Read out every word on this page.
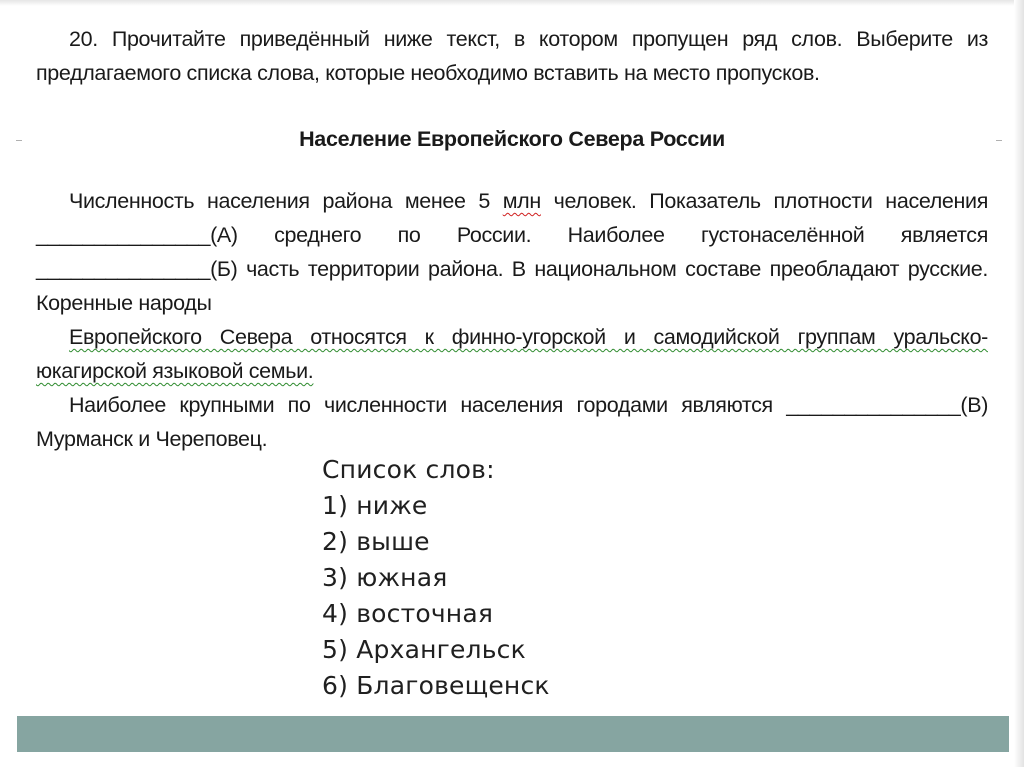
20. Прочитайте приведённый ниже текст, в котором пропущен ряд слов. Выберите из предлагаемого списка слова, которые необходимо вставить на место пропусков.

Население Европейского Севера России

Численность населения района менее 5 млн человек. Показатель плотности населения _______________(А) среднего по России. Наиболее густонаселённой является _______________(Б) часть территории района. В национальном составе преобладают русские. Коренные народы

Европейского Севера относятся к финно-угорской и самодийской группам уральско-юкагирской языковой семьи.

Наиболее крупными по численности населения городами являются _______________(В) Мурманск и Череповец.

Список слов:

1) ниже
2) выше
3) южная
4) восточная
5) Архангельск
6) Благовещенск
